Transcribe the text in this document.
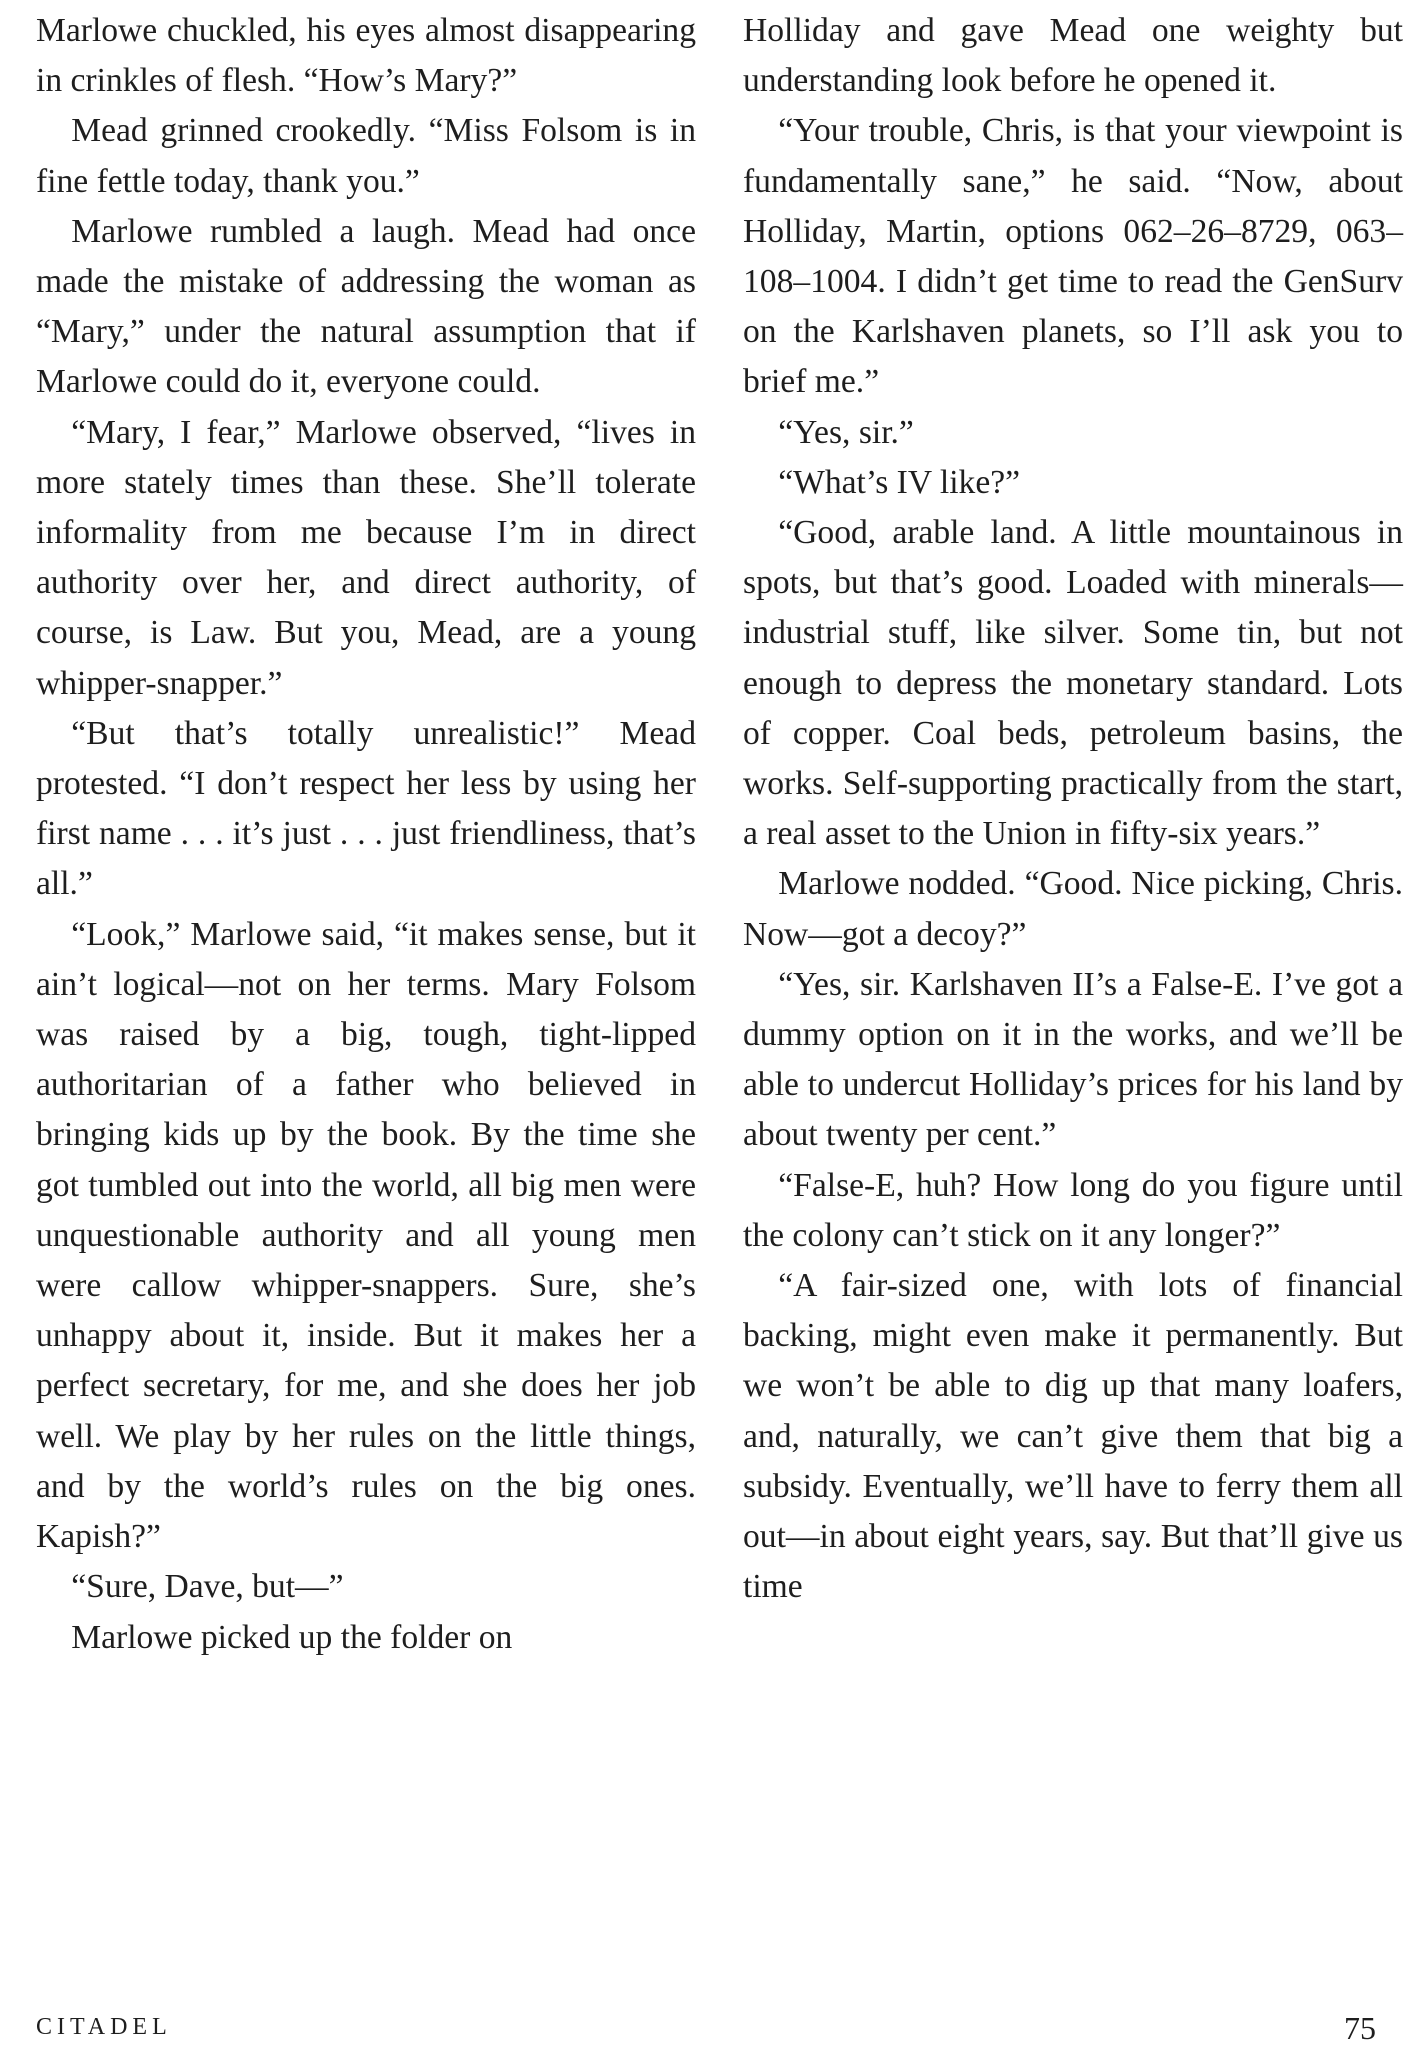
Marlowe chuckled, his eyes almost disappearing in crinkles of flesh. “How’s Mary?”

Mead grinned crookedly. “Miss Folsom is in fine fettle today, thank you.”

Marlowe rumbled a laugh. Mead had once made the mistake of addressing the woman as “Mary,” under the natural assumption that if Marlowe could do it, everyone could.

“Mary, I fear,” Marlowe observed, “lives in more stately times than these. She’ll tolerate informality from me because I’m in direct authority over her, and direct authority, of course, is Law. But you, Mead, are a young whipper-snapper.”

“But that’s totally unrealistic!” Mead protested. “I don’t respect her less by using her first name . . . it’s just . . . just friendliness, that’s all.”

“Look,” Marlowe said, “it makes sense, but it ain’t logical—not on her terms. Mary Folsom was raised by a big, tough, tight-lipped authoritarian of a father who believed in bringing kids up by the book. By the time she got tumbled out into the world, all big men were unquestionable authority and all young men were callow whipper-snappers. Sure, she’s unhappy about it, inside. But it makes her a perfect secretary, for me, and she does her job well. We play by her rules on the little things, and by the world’s rules on the big ones. Kapish?”

“Sure, Dave, but—”

Marlowe picked up the folder on

Holliday and gave Mead one weighty but understanding look before he opened it.

“Your trouble, Chris, is that your viewpoint is fundamentally sane,” he said. “Now, about Holliday, Martin, options 062–26–8729, 063–108–1004. I didn’t get time to read the GenSurv on the Karlshaven planets, so I’ll ask you to brief me.”

“Yes, sir.”

“What’s IV like?”

“Good, arable land. A little mountainous in spots, but that’s good. Loaded with minerals—industrial stuff, like silver. Some tin, but not enough to depress the monetary standard. Lots of copper. Coal beds, petroleum basins, the works. Self-supporting practically from the start, a real asset to the Union in fifty-six years.”

Marlowe nodded. “Good. Nice picking, Chris. Now—got a decoy?”

“Yes, sir. Karlshaven II’s a False-E. I’ve got a dummy option on it in the works, and we’ll be able to undercut Holliday’s prices for his land by about twenty per cent.”

“False-E, huh? How long do you figure until the colony can’t stick on it any longer?”

“A fair-sized one, with lots of financial backing, might even make it permanently. But we won’t be able to dig up that many loafers, and, naturally, we can’t give them that big a subsidy. Eventually, we’ll have to ferry them all out—in about eight years, say. But that’ll give us time

CITADEL	75
